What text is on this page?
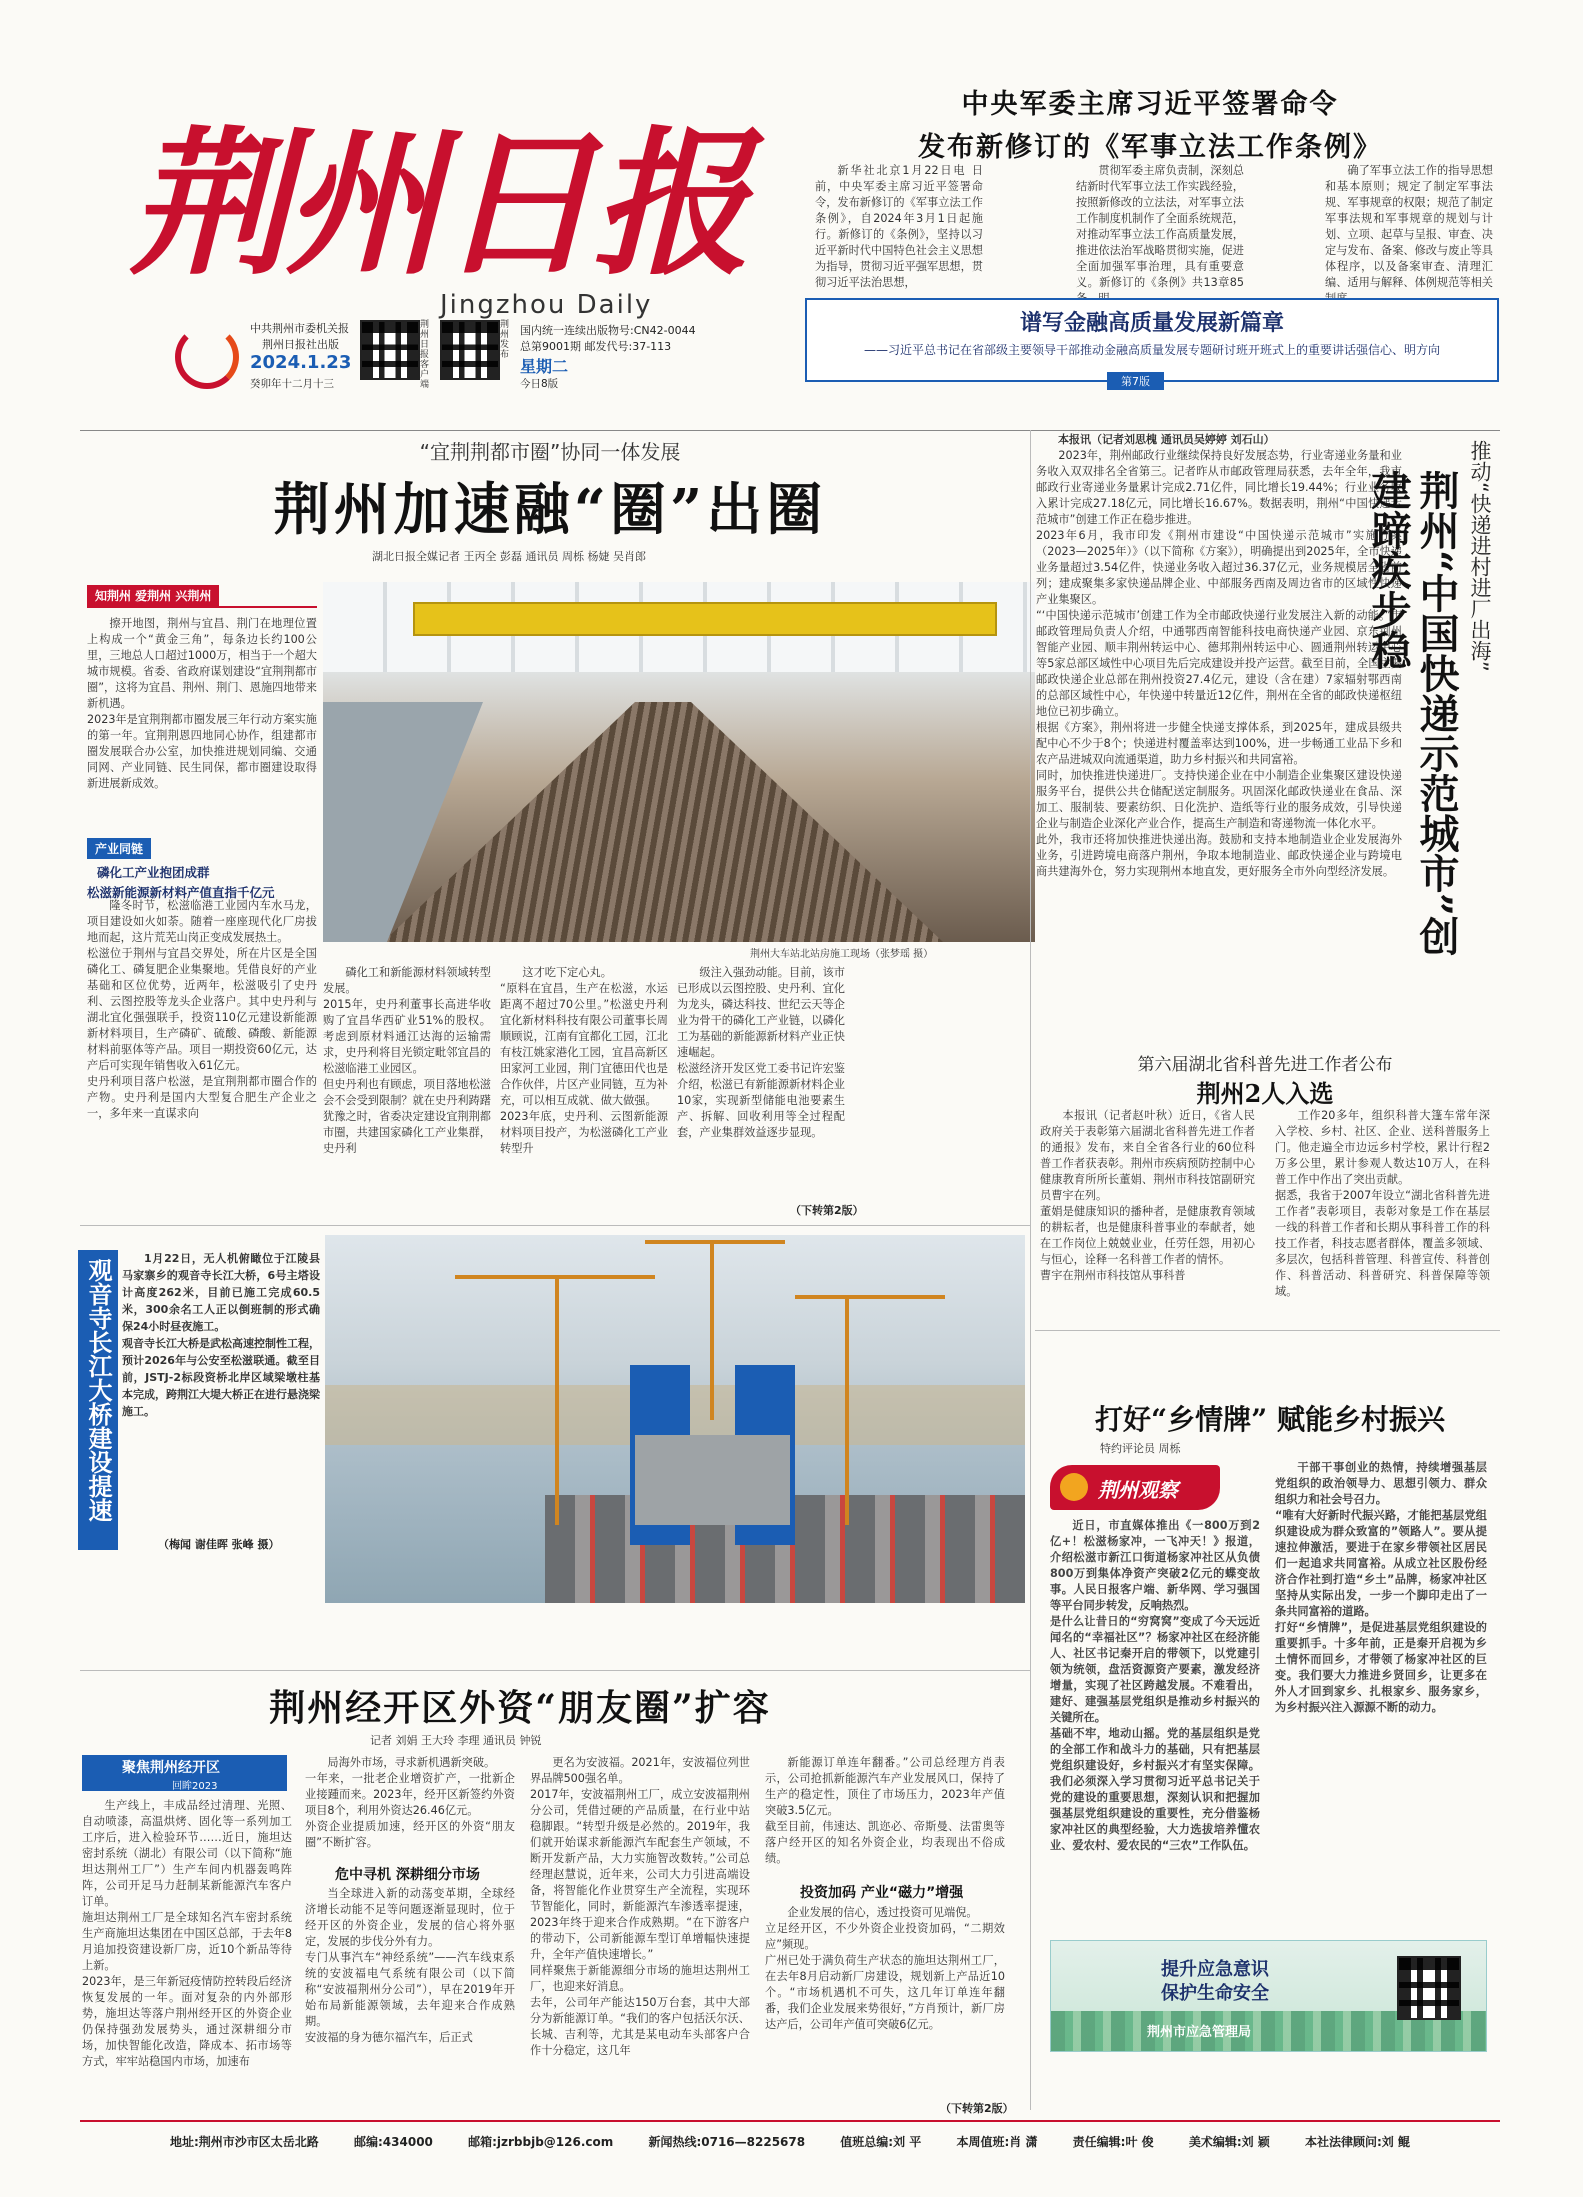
荆州日报
Jingzhou Daily
中共荆州市委机关报
荆州日报社出版
2024.1.23
癸卯年十二月十三
荆州日报客户端
荆州发布
国内统一连续出版物号:CN42-0044
总第9001期 邮发代号:37-113
星期二
今日8版
中央军委主席习近平签署命令
发布新修订的《军事立法工作条例》

新华社北京1月22日电 日前，中央军委主席习近平签署命令，发布新修订的《军事立法工作条例》，自2024年3月1日起施行。新修订的《条例》，坚持以习近平新时代中国特色社会主义思想为指导，贯彻习近平强军思想，贯彻习近平法治思想，

贯彻军委主席负责制，深刻总结新时代军事立法工作实践经验，按照新修改的立法法，对军事立法工作制度机制作了全面系统规范，对推动军事立法工作高质量发展，推进依法治军战略贯彻实施，促进全面加强军事治理，具有重要意义。新修订的《条例》共13章85

确了军事立法工作的指导思想和基本原则；规定了制定军事法规、军事规章的权限；规范了制定军事法规和军事规章的规划与计划、立项、起草与呈报、审查、决定与发布、备案、修改与废止等具体程序，以及备案审查、清理汇编、适用与解释、体例规范等相关

谱写金融高质量发展新篇章
——习近平总书记在省部级主要领导干部推动金融高质量发展专题研讨班开班式上的重要讲话强信心、明方向
第7版
“宜荆荆都市圈”协同一体发展
荆州加速融“圈”出圈
湖北日报全媒记者 王丙全 彭磊 通讯员 周栎 杨婕 吴肖郎
知荆州 爱荆州 兴荆州
擦开地图，荆州与宜昌、荆门在地理位置上构成一个“黄金三角”，每条边长约100公里，三地总人口超过1000万，相当于一个超大城市规模。省委、省政府谋划建设“宜荆荆都市圈”，这将为宜昌、荆州、荆门、恩施四地带来新机遇。
2023年是宜荆荆都市圈发展三年行动方案实施的第一年。宜荆荆恩四地同心协作，组建都市圈发展联合办公室，加快推进规划同编、交通同网、产业同链、民生同保，都市圈建设取得新进展新成效。
产业同链
磷化工产业抱团成群
松滋新能源新材料产值直指千亿元
隆冬时节，松滋临港工业园内车水马龙，项目建设如火如荼。随着一座座现代化厂房拔地而起，这片荒芜山岗正变成发展热土。
松滋位于荆州与宜昌交界处，所在片区是全国磷化工、磷复肥企业集聚地。凭借良好的产业基础和区位优势，近两年，松滋吸引了史丹利、云图控股等龙头企业落户。其中史丹利与湖北宜化强强联手，投资110亿元建设新能源新材料项目，生产磷矿、硫酸、磷酸、新能源材料前驱体等产品。项目一期投资60亿元，达产后可实现年销售收入61亿元。
史丹利项目落户松滋，是宜荆荆都市圈合作的产物。史丹利是国内大型复合肥生产企业之一，多年来一直谋求向
荆州大车站北站房施工现场（张梦瑶 摄）
磷化工和新能源材料领域转型发展。
2015年，史丹利董事长高进华收购了宜昌华西矿业51%的股权。考虑到原材料通江达海的运输需求，史丹利将目光锁定毗邻宜昌的松滋临港工业园区。
但史丹利也有顾虑，项目落地松滋会不会受到限制？就在史丹利踌躇犹豫之时，省委决定建设宜荆荆都市圈，共建国家磷化工产业集群，史丹利
这才吃下定心丸。
“原料在宜昌，生产在松滋，水运距离不超过70公里。”松滋史丹利宜化新材料科技有限公司董事长周顺顾说，江南有宜都化工园，江北有枝江姚家港化工园，宜昌高新区田家河工业园，荆门宜德田代也是合作伙伴，片区产业同链，互为补充，可以相互成就、做大做强。
2023年底，史丹利、云图新能源材料项目投产，为松滋磷化工产业转型升
级注入强劲动能。目前，该市已形成以云图控股、史丹利、宜化为龙头，磷达科技、世纪云天等企业为骨干的磷化工产业链，以磷化工为基础的新能源新材料产业正快速崛起。
松滋经济开发区党工委书记许宏鉴介绍，松滋已有新能源新材料企业10家，实现新型储能电池要素生产、拆解、回收利用等全过程配套，产业集群效益逐步显现。
（下转第2版）
本报讯（记者刘思槐 通讯员吴婷婷 刘石山）
2023年，荆州邮政行业继续保持良好发展态势，行业寄递业务量和业务收入双双排名全省第三。记者昨从市邮政管理局获悉，去年全年，我市邮政行业寄递业务量累计完成2.71亿件，同比增长19.44%；行业业务收入累计完成27.18亿元，同比增长16.67%。数据表明，荆州“中国快递示范城市”创建工作正在稳步推进。
2023年6月，我市印发《荆州市建设“中国快递示范城市”实施方案（2023—2025年）》（以下简称《方案》），明确提出到2025年，全市快递业务量超过3.54亿件，快递业务收入超过36.37亿元，业务规模居全省前列；建成聚集多家快递品牌企业、中部服务西南及周边省市的区域性快递产业集聚区。
“‘中国快递示范城市’创建工作为全市邮政快递行业发展注入新的动能。”市邮政管理局负责人介绍，中通鄂西南智能科技电商快递产业园、京东荆州智能产业园、顺丰荆州转运中心、德邦荆州转运中心、圆通荆州转运中心等5家总部区域性中心项目先后完成建设并投产运营。截至目前，全国主要邮政快递企业总部在荆州投资27.4亿元，建设（含在建）7家辐射鄂西南的总部区域性中心，年快递中转量近12亿件，荆州在全省的邮政快递枢纽地位已初步确立。
根据《方案》，荆州将进一步健全快递支撑体系，到2025年，建成县级共配中心不少于8个；快递进村覆盖率达到100%，进一步畅通工业品下乡和农产品进城双向流通渠道，助力乡村振兴和共同富裕。
同时，加快推进快递进厂。支持快递企业在中小制造企业集聚区建设快递服务平台，提供公共仓储配送定制服务。巩固深化邮政快递业在食品、深加工、服制装、要素纺织、日化洗护、造纸等行业的服务成效，引导快递企业与制造企业深化产业合作，提高生产制造和寄递物流一体化水平。
此外，我市还将加快推进快递出海。鼓励和支持本地制造业企业发展海外业务，引进跨境电商落户荆州，争取本地制造业、邮政快递企业与跨境电商共建海外仓，努力实现荆州本地直发，更好服务全市外向型经济发展。
推动“快递进村进厂出海”
荆州“中国快递示范城市”创建蹄疾步稳
第六届湖北省科普先进工作者公布
荆州2人入选
本报讯（记者赵叶秋）近日，《省人民政府关于表彰第六届湖北省科普先进工作者的通报》发布，来自全省各行业的60位科普工作者获表彰。荆州市疾病预防控制中心健康教育所所长董娟、荆州市科技馆副研究员曹宇在列。
董娟是健康知识的播种者，是健康教育领域的耕耘者，也是健康科普事业的奉献者，她在工作岗位上兢兢业业，任劳任怨，用初心与恒心，诠释一名科普工作者的情怀。
曹宇在荆州市科技馆从事科普
工作20多年，组织科普大篷车常年深入学校、乡村、社区、企业、送科普服务上门。他走遍全市边远乡村学校，累计行程2万多公里，累计参观人数达10万人，在科普工作中作出了突出贡献。
据悉，我省于2007年设立“湖北省科普先进工作者”表彰项目，表彰对象是工作在基层一线的科普工作者和长期从事科普工作的科技工作者，科技志愿者群体，覆盖多领域、多层次，包括科普管理、科普宣传、科普创作、科普活动、科普研究、科普保障等领域。
观音寺长江大桥建设提速	1月22日，无人机俯瞰位于江陵县马家寨乡的观音寺长江大桥，6号主塔设计高度262米，目前已施工完成60.5米，300余名工人正以倒班制的形式确保24小时昼夜施工。
观音寺长江大桥是武松高速控制性工程，预计2026年与公安至松滋联通。截至目前，JSTJ-2标段资桥北岸区域梁墩柱基本完成，跨荆江大堤大桥正在进行悬浇梁施工。
（梅闻 谢佳晖 张峰 摄）
打好“乡情牌” 赋能乡村振兴
特约评论员 周栎
荆州观察
近日，市直媒体推出《一800万到2亿+！松滋杨家冲，一飞冲天！》报道，介绍松滋市新江口街道杨家冲社区从负债800万到集体净资产突破2亿元的蝶变故事。人民日报客户端、新华网、学习强国等平台同步转发，反响热烈。
是什么让昔日的“穷窝窝”变成了今天远近闻名的“幸福社区”？杨家冲社区在经济能人、社区书记秦开启的带领下，以党建引领为统领，盘活资源资产要素，激发经济增量，实现了社区跨越发展。不难看出，建好、建强基层党组织是推动乡村振兴的关键所在。
基础不牢，地动山摇。党的基层组织是党的全部工作和战斗力的基础，只有把基层党组织建设好，乡村振兴才有坚实保障。我们必须深入学习贯彻习近平总书记关于党的建设的重要思想，深刻认识和把握加强基层党组织建设的重要性，充分借鉴杨家冲社区的典型经验，大力选拔培养懂农业、爱农村、爱农民的“三农”工作队伍。
干部干事创业的热情，持续增强基层党组织的政治领导力、思想引领力、群众组织力和社会号召力。
“唯有大好新时代振兴路，才能把基层党组织建设成为群众致富的”领路人”。要从提速拉伸激活，要进于在家乡带领社区居民们一起追求共同富裕。从成立社区股份经济合作社到打造“乡土”品牌，杨家冲社区坚持从实际出发，一步一个脚印走出了一条共同富裕的道路。
打好“乡情牌”，是促进基层党组织建设的重要抓手。十多年前，正是秦开启视为乡土情怀而回乡，才带领了杨家冲社区的巨变。我们要大力推进乡贤回乡，让更多在外人才回到家乡、扎根家乡、服务家乡，为乡村振兴注入源源不断的动力。
荆州经开区外资“朋友圈”扩容
记者 刘娟 王大玲 李理 通讯员 钟锐
聚焦荆州经开区
回眸2023
生产线上，丰成品经过清理、光照、自动喷漆，高温烘烤、固化等一系列加工工序后，进入检验环节……近日，施坦达密封系统（湖北）有限公司（以下简称“施坦达荆州工厂”）生产车间内机器轰鸣阵阵，公司开足马力赶制某新能源汽车客户订单。
施坦达荆州工厂是全球知名汽车密封系统生产商施坦达集团在中国区总部，于去年8月追加投资建设新厂房，近10个新品等待上新。
2023年，是三年新冠疫情防控转段后经济恢复发展的一年。面对复杂的内外部形势，施坦达等落户荆州经开区的外资企业仍保持强劲发展势头，通过深耕细分市场，加快智能化改造，降成本、拓市场等方式，牢牢站稳国内市场，加速布
局海外市场，寻求新机遇新突破。
一年来，一批老企业增资扩产，一批新企业接踵而来。2023年，经开区新签约外资项目8个，利用外资达26.46亿元。
外资企业提质加速，经开区的外资“朋友圈”不断扩容。
危中寻机 深耕细分市场
当全球进入新的动荡变革期，全球经济增长动能不足等问题逐渐显现时，位于经开区的外资企业，发展的信心将外驱定，发展的步伐分外有力。
专门从事汽车“神经系统”——汽车线束系统的安波福电气系统有限公司（以下简称“安波福荆州分公司”），早在2019年开始布局新能源领域，去年迎来合作成熟期。
安波福的身为德尔福汽车，后正式
更名为安波福。2021年，安波福位列世界品牌500强名单。
2017年，安波福荆州工厂，成立安波福荆州分公司，凭借过硬的产品质量，在行业中站稳脚跟。“转型升级是必然的。2019年，我们就开始谋求新能源汽车配套生产领域，不断开发新产品，大力实施智改数转。”公司总经理赵慧说，近年来，公司大力引进高端设备，将智能化作业贯穿生产全流程，实现环节智能化，同时，新能源汽车渗透率提速，2023年终于迎来合作成熟期。“在下游客户的带动下，公司新能源车型订单增幅快速提升，全年产值快速增长。”
同样聚焦于新能源细分市场的施坦达荆州工厂，也迎来好消息。
去年，公司年产能达150万台套，其中大部分为新能源订单。“我们的客户包括沃尔沃、长城、吉利等，尤其是某电动车头部客户合作十分稳定，这几年
新能源订单连年翻番。”公司总经理方肖表示，公司抢抓新能源汽车产业发展风口，保持了生产的稳定性，顶住了市场压力，2023年产值突破3.5亿元。
截至目前，伟速达、凯迩必、帝斯曼、法雷奥等落户经开区的知名外资企业，均表现出不俗成绩。
投资加码 产业“磁力”增强
企业发展的信心，透过投资可见端倪。
立足经开区，不少外资企业投资加码，“二期效应”频现。
广州已处于满负荷生产状态的施坦达荆州工厂，在去年8月启动新厂房建设，规划新上产品近10个。“市场机遇机不可失，这几年订单连年翻番，我们企业发展来势很好，”方肖预计，新厂房达产后，公司年产值可突破6亿元。
（下转第2版）
提升应急意识
保护生命安全
荆州市应急管理局
地址:荆州市沙市区太岳北路	邮编:434000	邮箱:jzrbbjb@126.com	新闻热线:0716—8225678	值班总编:刘 平	本周值班:肖 潇	责任编辑:叶 俊	美术编辑:刘 颖	本社法律顾问:刘 鲲
